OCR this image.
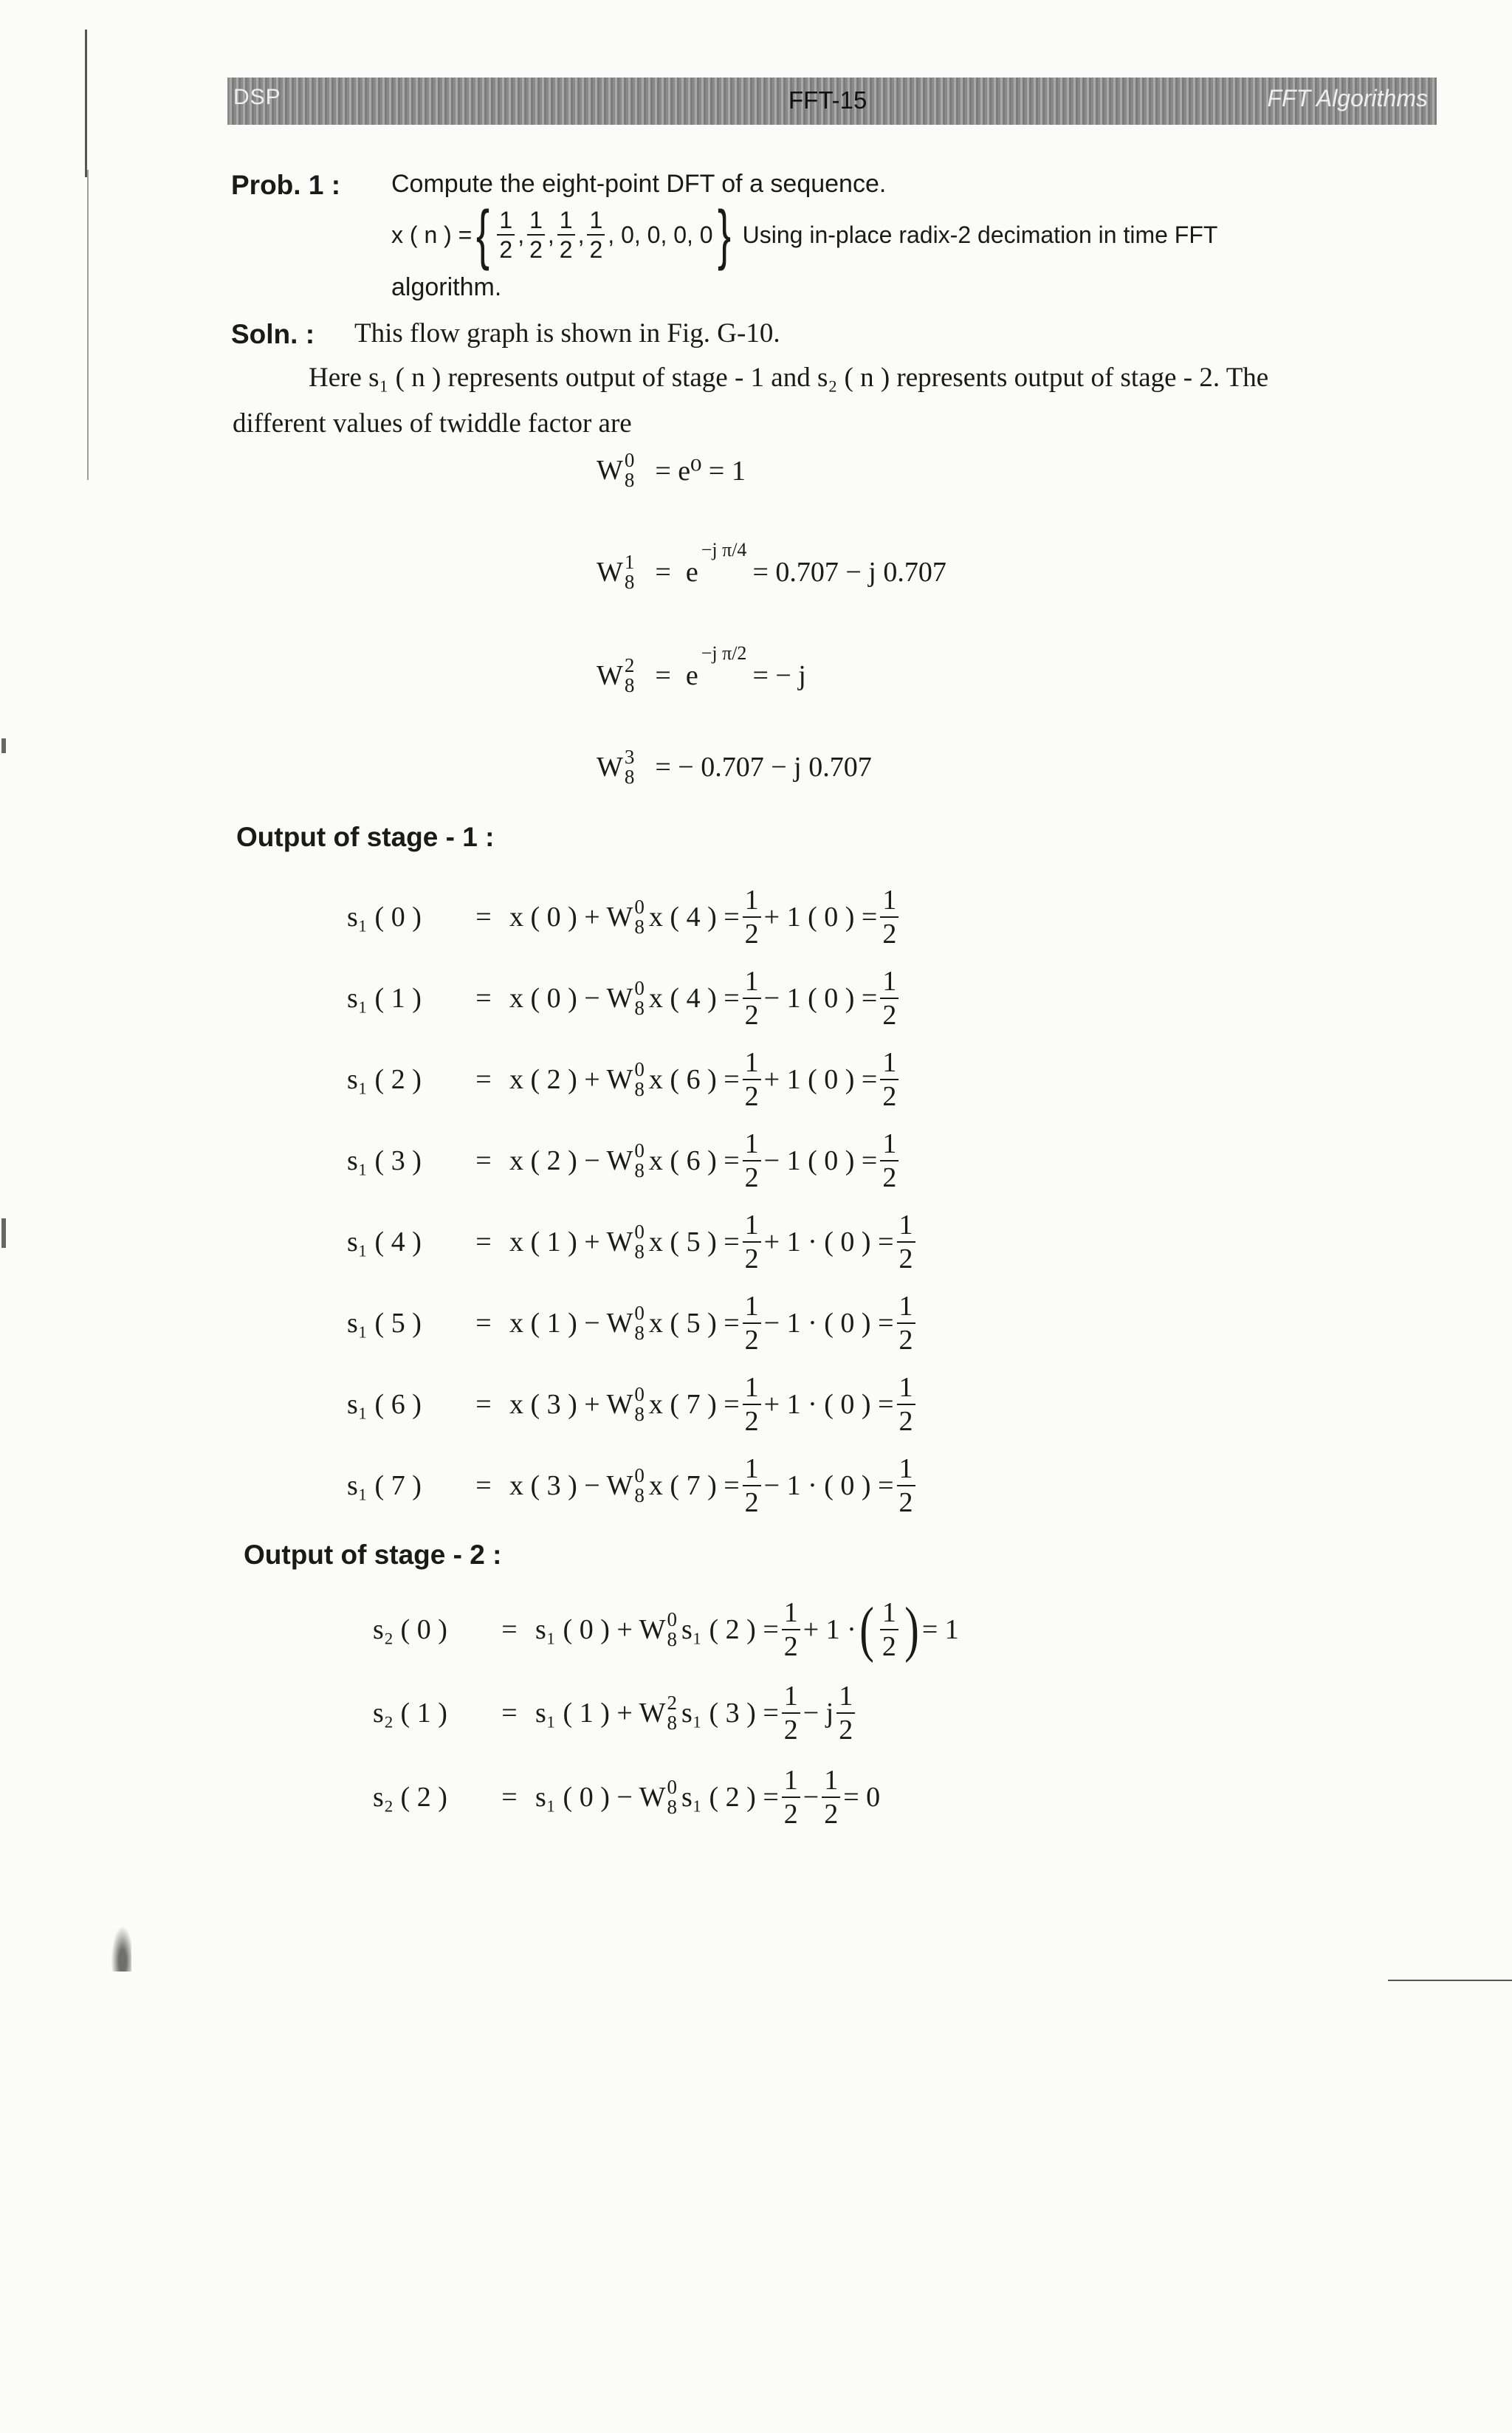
DSP	FFT-15	FFT Algorithms
Prob. 1 : Compute the eight-point DFT of a sequence.
x ( n ) = { $\frac{1}{2}$ , $\frac{1}{2}$ , $\frac{1}{2}$ , $\frac{1}{2}$ , 0, 0, 0, 0 } Using in-place radix-2 decimation in time FFT
algorithm.
Soln. : This flow graph is shown in Fig. G-10.
Here s₁ ( n ) represents output of stage - 1 and s₂ ( n ) represents output of stage - 2. The
different values of twiddle factor are
W 0
8 = e⁰ = 1
W 1
8 = e
−j π/4
= 0.707 − j 0.707
W 2
8 = e
−j π/2
= − j
W 3
8 = − 0.707 − j 0.707
Output of stage - 1 :
s₁ ( 0 )	= x ( 0 ) + W 0
8 x ( 4 ) = $\frac{1}{2} + 1$ ( 0 ) = $\frac{1}{2}$
s₁ ( 1 )	= x ( 0 ) − W 0
8 x ( 4 ) = $\frac{1}{2} - 1$ ( 0 ) = $\frac{1}{2}$
s₁ ( 2 )	= x ( 2 ) + W 0
8 x ( 6 ) = $\frac{1}{2} + 1$ ( 0 ) = $\frac{1}{2}$
s₁ ( 3 )	= x ( 2 ) − W 0
8 x ( 6 ) = $\frac{1}{2} - 1$ ( 0 ) = $\frac{1}{2}$
s₁ ( 4 )	= x ( 1 ) + W 0
8 x ( 5 ) = $\frac{1}{2} + 1$ · ( 0 ) = $\frac{1}{2}$
s₁ ( 5 )	= x ( 1 ) − W 0
8 x ( 5 ) = $\frac{1}{2} - 1$ · ( 0 ) = $\frac{1}{2}$
s₁ ( 6 )	= x ( 3 ) + W 0
8 x ( 7 ) = $\frac{1}{2} + 1$ · ( 0 ) = $\frac{1}{2}$
s₁ ( 7 )	= x ( 3 ) − W 0
8 x ( 7 ) = $\frac{1}{2} - 1$ · ( 0 ) = $\frac{1}{2}$
Output of stage - 2 :
s₂ ( 0 )	= s₁ ( 0 ) + W 0
8 s₁ ( 2 ) = $\frac{1}{2} + 1$ · ( $\frac{1}{2}$ ) = 1
s₂ ( 1 )	= s₁ ( 1 ) + W 2
8 s₁ ( 3 ) = $\frac{1}{2} - j \frac{1}{2}$
s₂ ( 2 )	= s₁ ( 0 ) − W 0
8 s₁ ( 2 ) = $\frac{1}{2} - \frac{1}{2} = 0$
